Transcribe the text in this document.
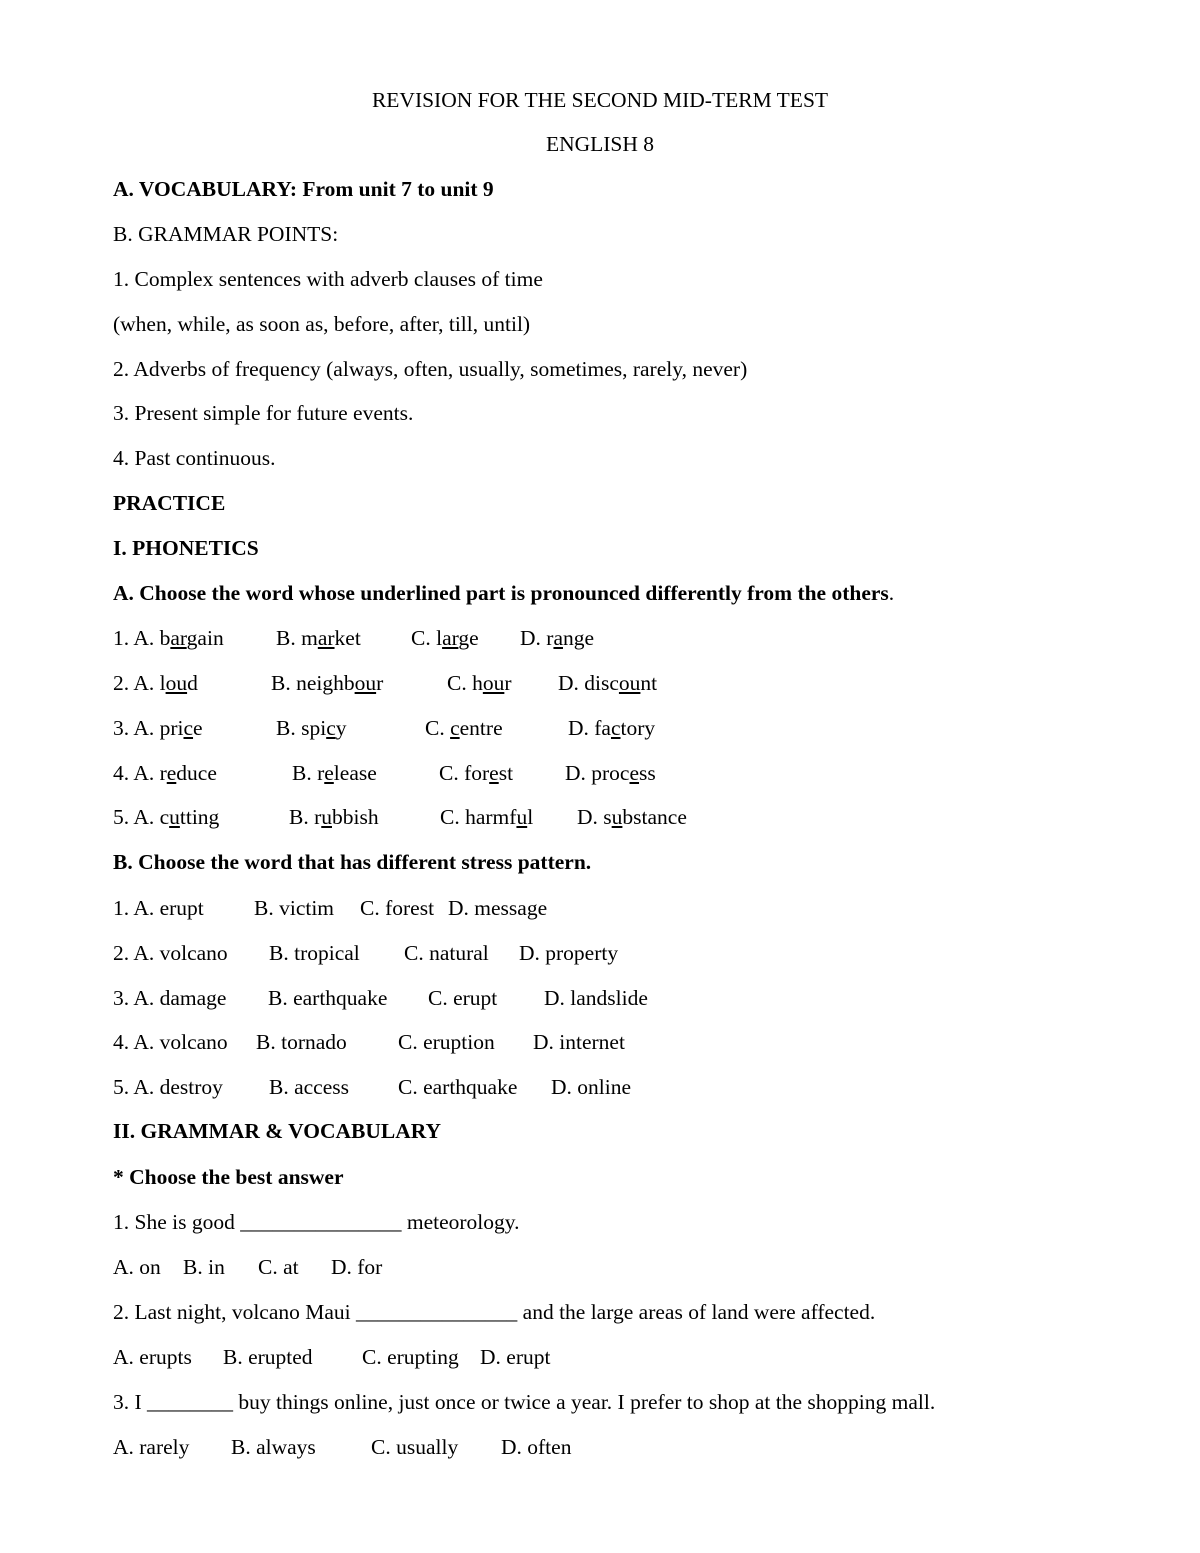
REVISION FOR THE SECOND MID-TERM TEST
ENGLISH 8
A. VOCABULARY: From unit 7 to unit 9
B. GRAMMAR POINTS:
1. Complex sentences with adverb clauses of time
(when, while, as soon as, before, after, till, until)
2. Adverbs of frequency (always, often, usually, sometimes, rarely, never)
3. Present simple for future events.
4. Past continuous.
PRACTICE
I. PHONETICS
A. Choose the word whose underlined part is pronounced differently from the others.
1. A. bargain B. market C. large D. range
2. A. loud	B. neighbour	C. hour D. discount
3. A. price	B. spicy	C. centre	D. factory
4. A. reduce	B. release	C. forest D. process
5. A. cutting	B. rubbish	C. harmful D. substance
B. Choose the word that has different stress pattern.
1. A. erupt B. victim C. forest D. message
2. A. volcano B. tropical C. natural D. property
3. A. damage B. earthquake C. erupt D. landslide
4. A. volcano B. tornado C. eruption D. internet
5. A. destroy B. access C. earthquake D. online
II. GRAMMAR & VOCABULARY
* Choose the best answer
1. She is good _______________ meteorology.
A. on B. in C. at D. for
2. Last night, volcano Maui _______________ and the large areas of land were affected.
A. erupts B. erupted C. erupting D. erupt
3. I ________ buy things online, just once or twice a year. I prefer to shop at the shopping mall.
A. rarely B. always	C. usually D. often
